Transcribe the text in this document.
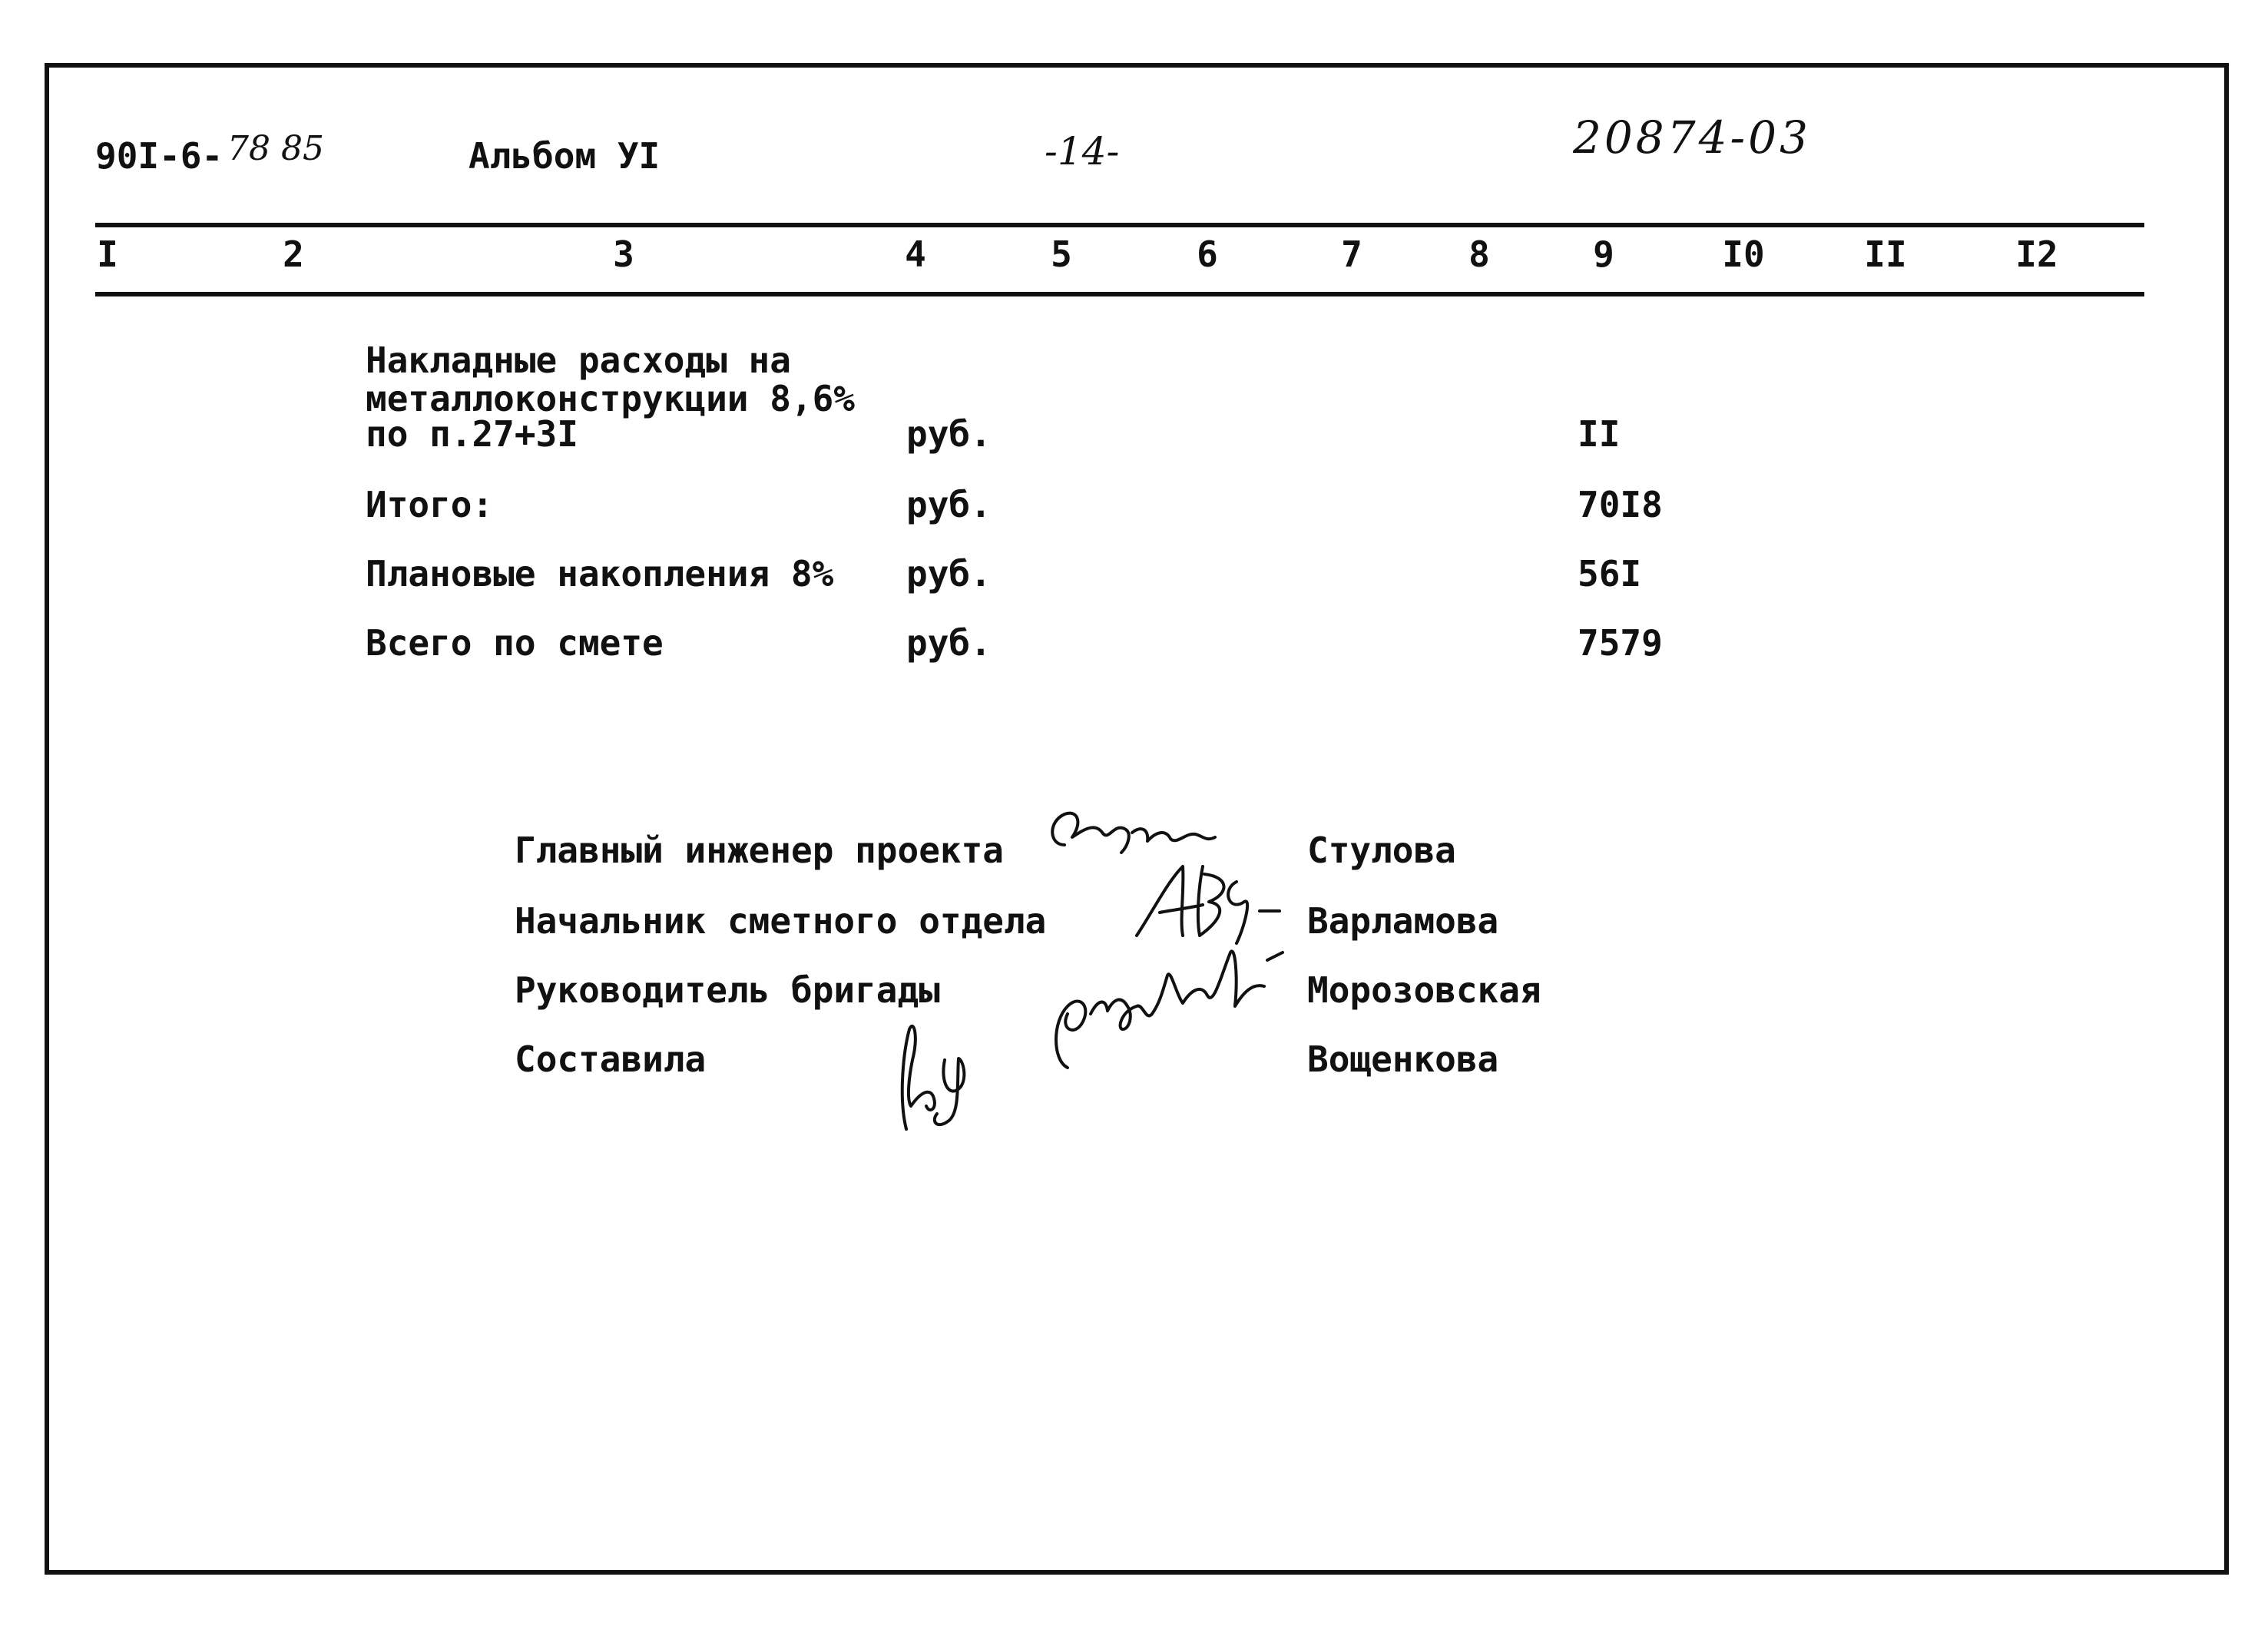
90I-6- 78 85	Альбом УI	-14-	20874-03
I	2	3	4	5	6	7	8	9	I0	II	I2
Накладные расходы на
металлоконструкции 8,6%
по п.27+3I	руб.	II
Итого:	руб.	70I8
Плановые накопления 8% руб.	56I
Всего по смете	руб.	7579
Главный инженер проекта	Стулова
Начальник сметного отдела	Варламова
Руководитель бригады	Морозовская
Составила	Вощенкова
